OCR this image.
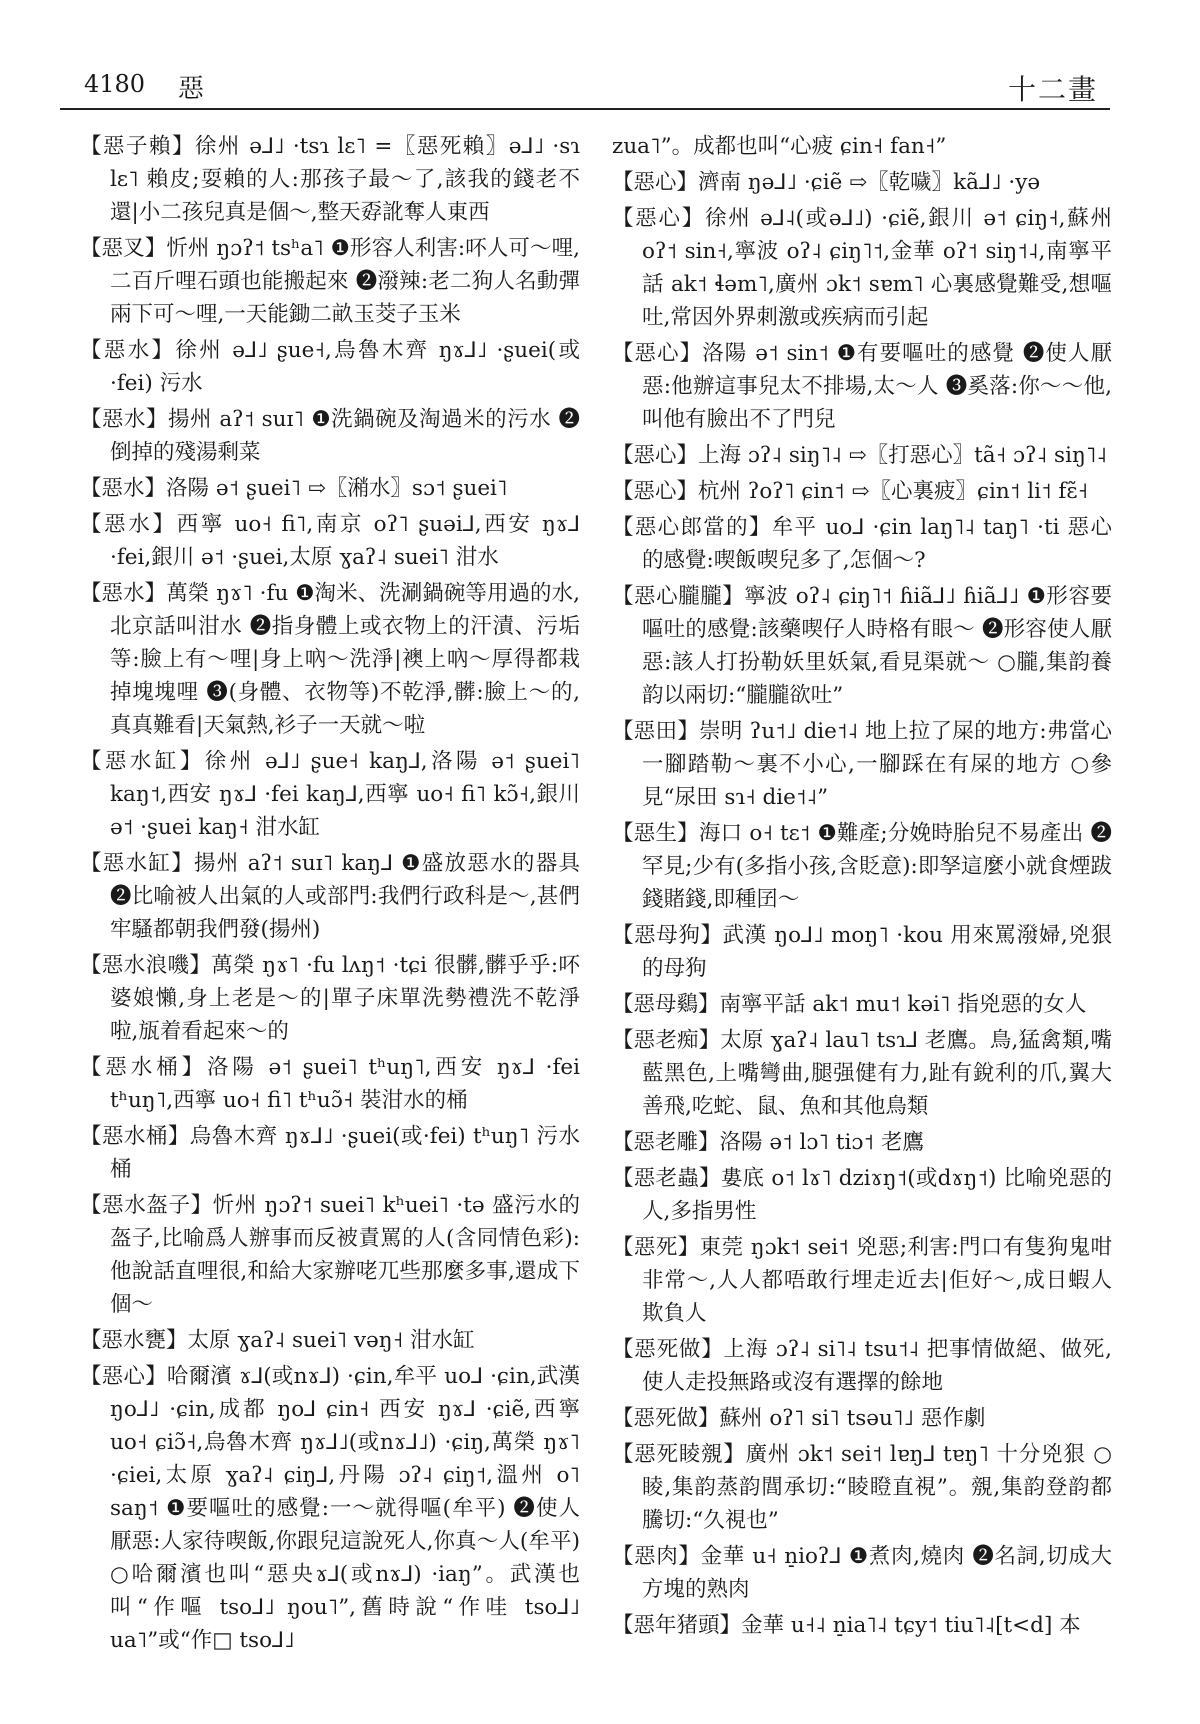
4180 惡	十二畫

【惡子賴】徐州 ə⅃˩ ·tsɿ lɛ˥ =〖惡死賴〗ə⅃˩ ·sɿ lɛ˥ 賴皮;耍賴的人:那孩子最～了,該我的錢老不還|小二孩兒真是個～,整天孬訛奪人東西

【惡叉】忻州 ŋɔʔ˦ tsʰa˥ ❶形容人利害:吥人可～哩,二百斤哩石頭也能搬起來 ❷潑辣:老二狗人名動彈兩下可～哩,一天能鋤二畝玉茭子玉米

【惡水】徐州 ə⅃˩ ʂue˧,烏魯木齊 ŋɤ⅃˩ ·ʂuei(或·fei) 污水

【惡水】揚州 aʔ˦ suɪ˥ ❶洗鍋碗及淘過米的污水 ❷倒掉的殘湯剩菜

【惡水】洛陽 ə˦ ʂuei˥ ⇨〖潲水〗sɔ˦ ʂuei˥

【惡水】西寧 uo˧ fi˥,南京 oʔ˥ ʂuəi⅃,西安 ŋɤ⅃ ·fei,銀川 ə˦ ·ʂuei,太原 ɣaʔ˨ suei˥ 泔水

【惡水】萬榮 ŋɤ˥ ·fu ❶淘米、洗涮鍋碗等用過的水,北京話叫泔水 ❷指身體上或衣物上的汗漬、污垢等:臉上有～哩|身上吶～洗淨|襖上吶～厚得都栽掉塊塊哩 ❸(身體、衣物等)不乾淨,髒:臉上～的,真真難看|天氣熱,衫子一天就～啦

【惡水缸】徐州 ə⅃˩ ʂue˧ kaŋ⅃,洛陽 ə˦ ʂuei˥ kaŋ˦,西安 ŋɤ⅃ ·fei kaŋ⅃,西寧 uo˧ fi˥ kɔ̃˧,銀川 ə˦ ·ʂuei kaŋ˧ 泔水缸

【惡水缸】揚州 aʔ˦ suɪ˥ kaŋ⅃ ❶盛放惡水的器具 ❷比喻被人出氣的人或部門:我們行政科是～,甚們牢騷都朝我們發(揚州)

【惡水浪嘰】萬榮 ŋɤ˥ ·fu lʌŋ˦ ·tɕi 很髒,髒乎乎:吥婆娘懶,身上老是～的|單子床單洗勢禮洗不乾淨啦,瓬着看起來～的

【惡水桶】洛陽 ə˦ ʂuei˥ tʰuŋ˥,西安 ŋɤ⅃ ·fei tʰuŋ˥,西寧 uo˧ fi˥ tʰuɔ̃˧ 裝泔水的桶

【惡水桶】烏魯木齊 ŋɤ⅃˩ ·ʂuei(或·fei) tʰuŋ˥ 污水桶

【惡水盔子】忻州 ŋɔʔ˦ suei˥ kʰuei˥ ·tə 盛污水的盔子,比喻爲人辦事而反被責罵的人(含同情色彩):他說話直哩很,和給大家辦咾兀些那麼多事,還成下個～

【惡水甕】太原 ɣaʔ˨ suei˥ vəŋ˧ 泔水缸

【惡心】哈爾濱 ɤ⅃(或nɤ⅃) ·ɕin,牟平 uo⅃ ·ɕin,武漢 ŋo⅃˩ ·ɕin,成都 ŋo⅃ ɕin˧ 西安 ŋɤ⅃ ·ɕiẽ,西寧 uo˧ ɕiɔ̃˧,烏魯木齊 ŋɤ⅃˩(或nɤ⅃˩) ·ɕiŋ,萬榮 ŋɤ˥ ·ɕiei,太原 ɣaʔ˨ ɕiŋ⅃,丹陽 ɔʔ˨ ɕiŋ˦,溫州 o˥ saŋ˦ ❶要嘔吐的感覺:一～就得嘔(牟平) ❷使人厭惡:人家待喫飯,你跟兒這說死人,你真～人(牟平) ○哈爾濱也叫“惡央ɤ⅃(或nɤ⅃) ·iaŋ”。武漢也叫“作嘔 tso⅃˩ ŋou˥”,舊時說“作哇 tso⅃˩ ua˥”或“作□ tso⅃˩

zua˥”。成都也叫“心疲 ɕin˧ fan˧”

【惡心】濟南 ŋə⅃˩ ·ɕiẽ ⇨〖乾噦〗kã⅃˩ ·yə

【惡心】徐州 ə⅃˨(或ə⅃˩) ·ɕiẽ,銀川 ə˦ ɕiŋ˧,蘇州 oʔ˦ sin˧,寧波 oʔ˨ ɕiŋ˥˦,金華 oʔ˦ siŋ˦˨,南寧平話 ak˦ ɬəm˥,廣州 ɔk˦ sɐm˥ 心裏感覺難受,想嘔吐,常因外界刺激或疾病而引起

【惡心】洛陽 ə˦ sin˦ ❶有要嘔吐的感覺 ❷使人厭惡:他辦這事兒太不排場,太～人 ❸奚落:你～～他,叫他有臉出不了門兒

【惡心】上海 ɔʔ˨ siŋ˥˨ ⇨〖打惡心〗tã˧ ɔʔ˨ siŋ˥˨

【惡心】杭州 ʔoʔ˥ ɕin˦ ⇨〖心裏疲〗ɕin˦ li˦ fɛ̃˧

【惡心郎當的】牟平 uo⅃ ·ɕin laŋ˥˨ taŋ˥ ·ti 惡心的感覺:喫飯喫兒多了,怎個～?

【惡心朧朧】寧波 oʔ˨ ɕiŋ˥˦ ɦiã⅃˩ ɦiã⅃˩ ❶形容要嘔吐的感覺:該藥喫仔人時格有眼～ ❷形容使人厭惡:該人打扮勒妖里妖氣,看見渠就～ ○朧,集韵養韵以兩切:“朧朧欲吐”

【惡田】崇明 ʔu˦˩ die˦˨ 地上拉了屎的地方:弗當心一腳踏勒～裏不小心,一腳踩在有屎的地方 ○參見“尿田 sɿ˧ die˦˨”

【惡生】海口 o˧ tɛ˦ ❶難產;分娩時胎兒不易產出 ❷罕見;少有(多指小孩,含貶意):即孥這麼小就食煙跋錢賭錢,即種囝～

【惡母狗】武漢 ŋo⅃˩ moŋ˥ ·kou 用來罵潑婦,兇狠的母狗

【惡母鷄】南寧平話 ak˦ mu˦ kəi˥ 指兇惡的女人

【惡老痴】太原 ɣaʔ˨ lau˥ tsɿ⅃ 老鷹。鳥,猛禽類,嘴藍黑色,上嘴彎曲,腿强健有力,趾有銳利的爪,翼大善飛,吃蛇、鼠、魚和其他鳥類

【惡老雕】洛陽 ə˦ lɔ˥ tiɔ˦ 老鷹

【惡老蟲】婁底 o˦ lɤ˥ dziɤŋ˦(或dɤŋ˦) 比喻兇惡的人,多指男性

【惡死】東莞 ŋɔk˦ sei˦ 兇惡;利害:門口有隻狗鬼咁非常～,人人都唔敢行埋走近去|佢好～,成日蝦人欺負人

【惡死做】上海 ɔʔ˨ si˥˨ tsu˦˨ 把事情做絕、做死,使人走投無路或沒有選擇的餘地

【惡死做】蘇州 oʔ˥ si˥ tsəu˥˩ 惡作劇

【惡死睖覫】廣州 ɔk˦ sei˦ lɐŋ⅃ tɐŋ˥ 十分兇狠 ○睖,集韵蒸韵閭承切:“睖瞪直視”。覫,集韵登韵都騰切:“久視也”

【惡肉】金華 u˧ n̠ioʔ⅃ ❶煮肉,燒肉 ❷名詞,切成大方塊的熟肉

【惡年猪頭】金華 u˧˨ n̠ia˥˨ tɕy˦ tiu˥˨[t<d] 本
